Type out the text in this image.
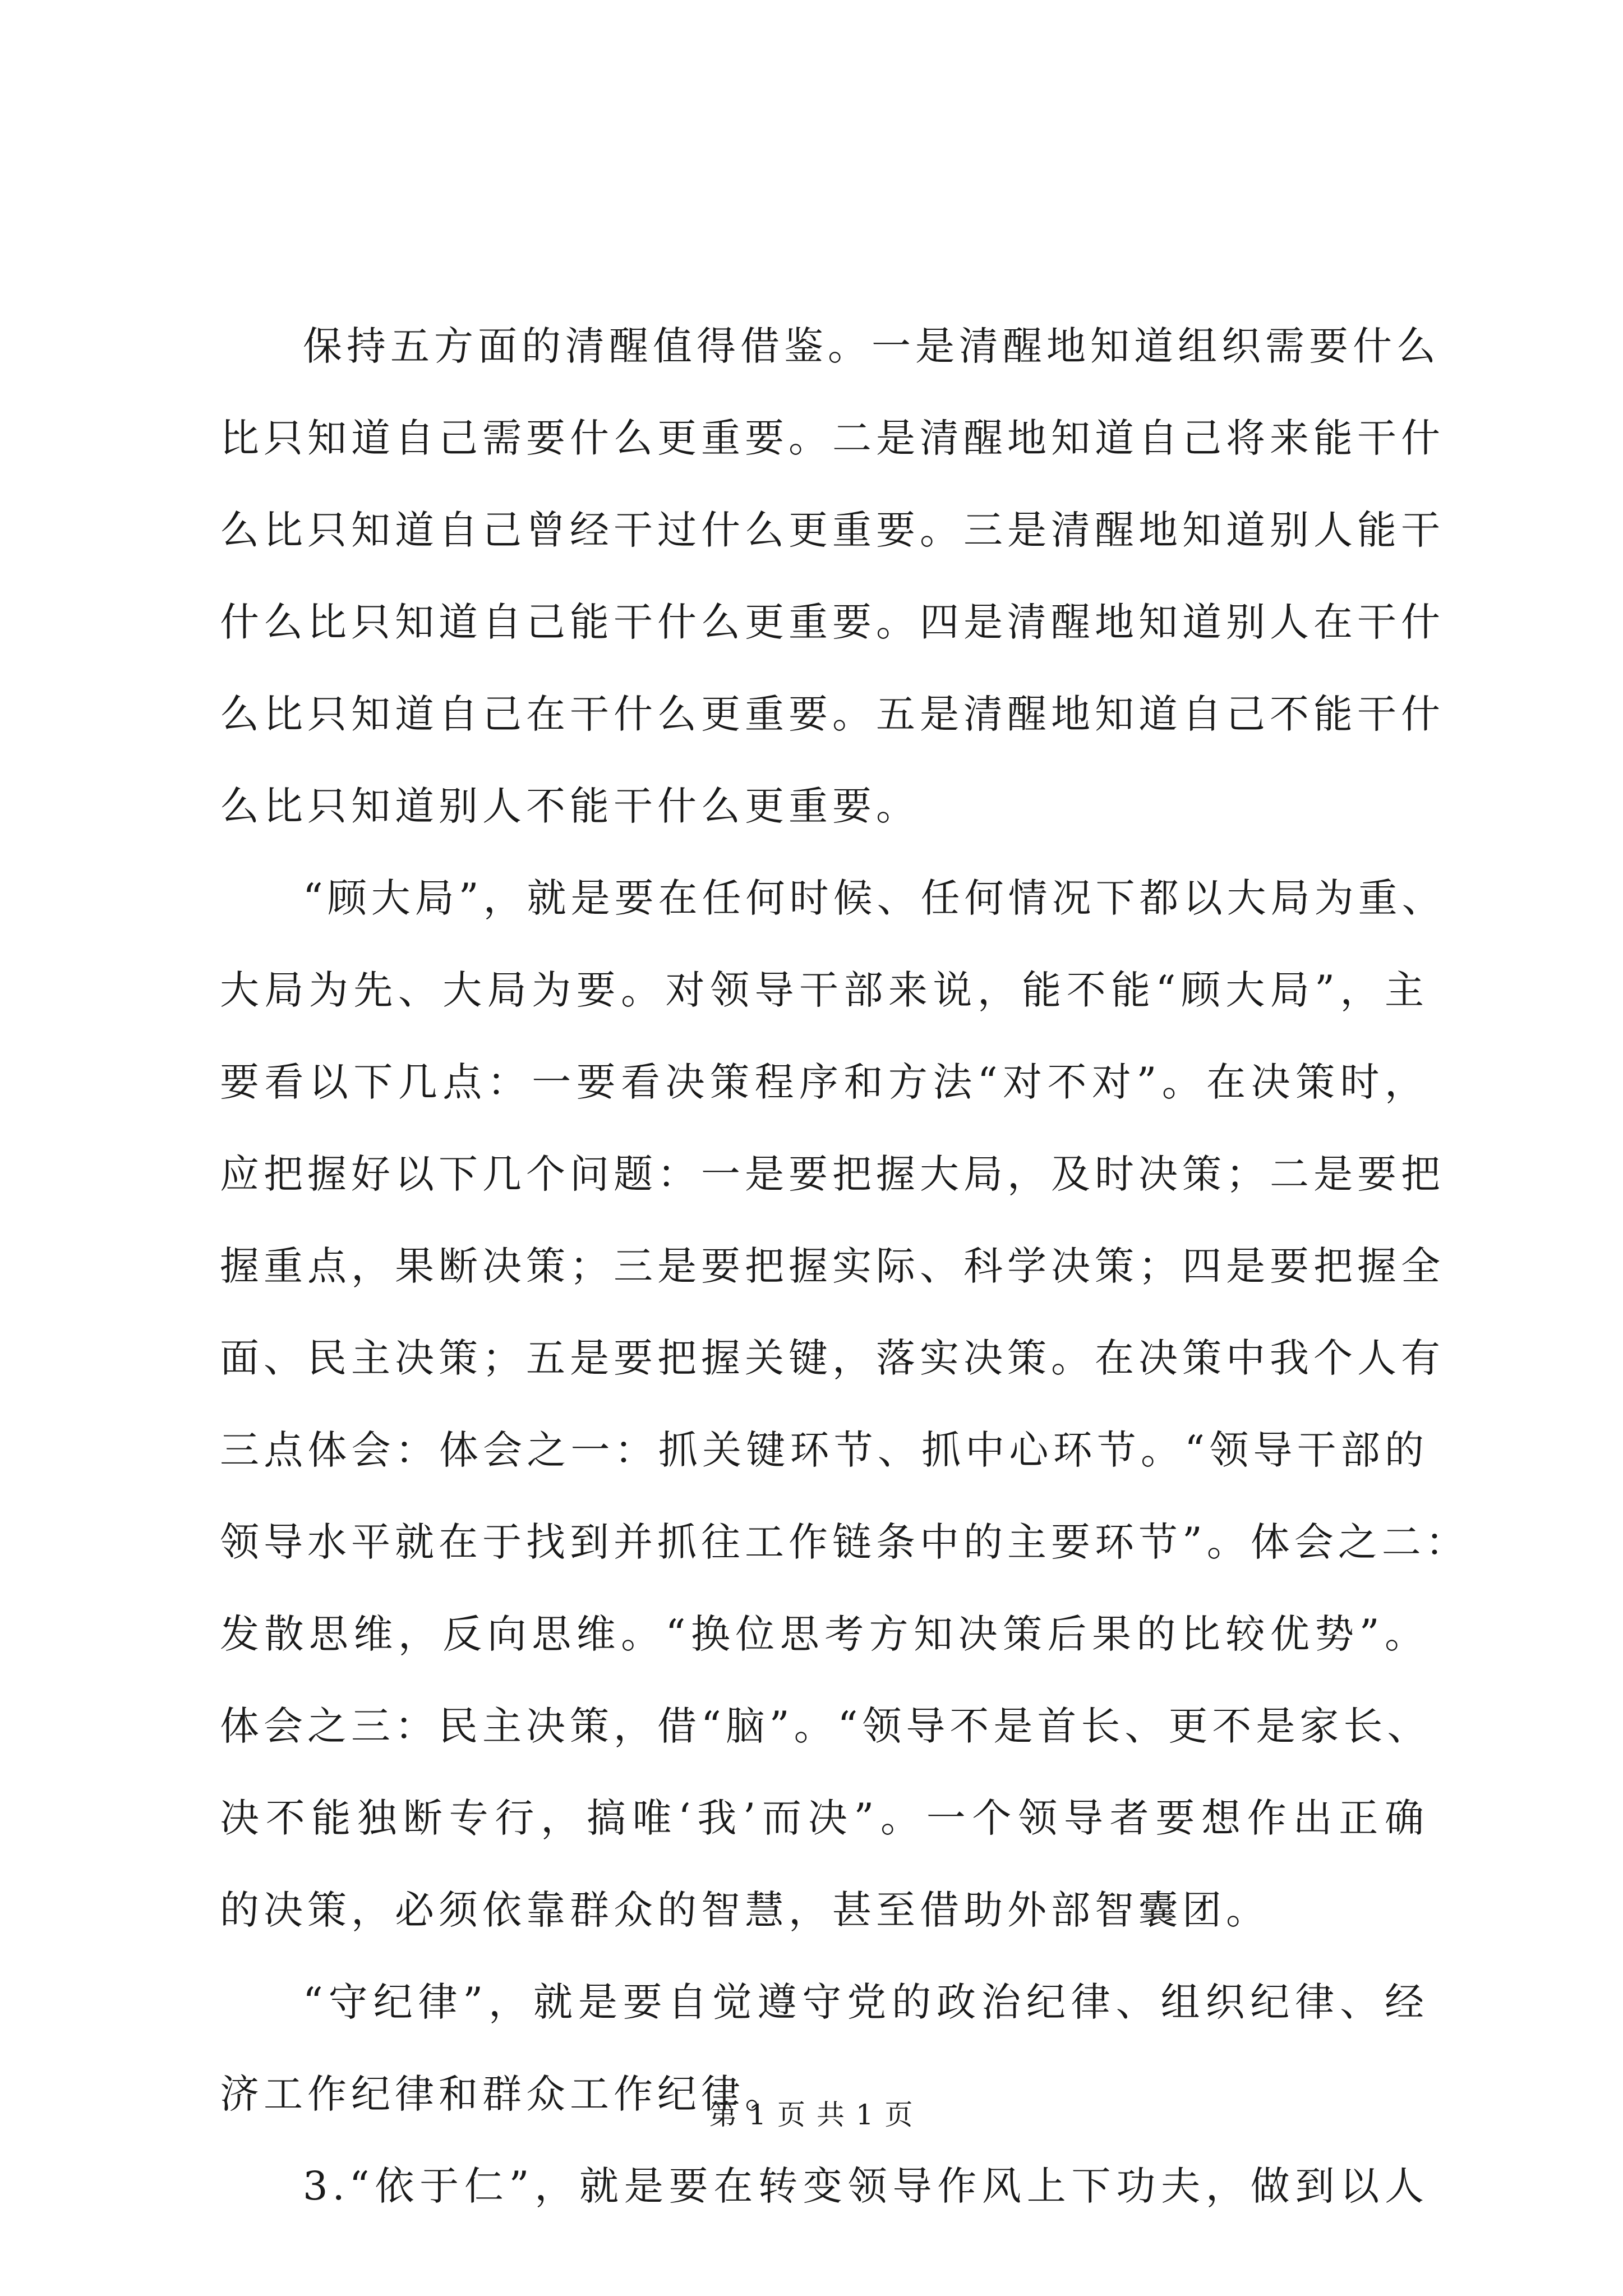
保持五方面的清醒值得借鉴。一是清醒地知道组织需要什么
比只知道自己需要什么更重要。二是清醒地知道自己将来能干什
么比只知道自己曾经干过什么更重要。三是清醒地知道别人能干
什么比只知道自己能干什么更重要。四是清醒地知道别人在干什
么比只知道自己在干什么更重要。五是清醒地知道自己不能干什
么比只知道别人不能干什么更重要。
“顾大局”，就是要在任何时候、任何情况下都以大局为重、
大局为先、大局为要。对领导干部来说，能不能“顾大局”，主
要看以下几点：一要看决策程序和方法“对不对”。在决策时，
应把握好以下几个问题：一是要把握大局，及时决策；二是要把
握重点，果断决策；三是要把握实际、科学决策；四是要把握全
面、民主决策；五是要把握关键，落实决策。在决策中我个人有
三点体会：体会之一：抓关键环节、抓中心环节。“领导干部的
领导水平就在于找到并抓往工作链条中的主要环节”。体会之二：
发散思维，反向思维。“换位思考方知决策后果的比较优势”。
体会之三：民主决策，借“脑”。“领导不是首长、更不是家长、
决不能独断专行，搞唯‘我’而决”。一个领导者要想作出正确
的决策，必须依靠群众的智慧，甚至借助外部智囊团。
“守纪律”，就是要自觉遵守党的政治纪律、组织纪律、经
济工作纪律和群众工作纪律。
3.“依于仁”，就是要在转变领导作风上下功夫，做到以人
第 1 页 共 1 页
